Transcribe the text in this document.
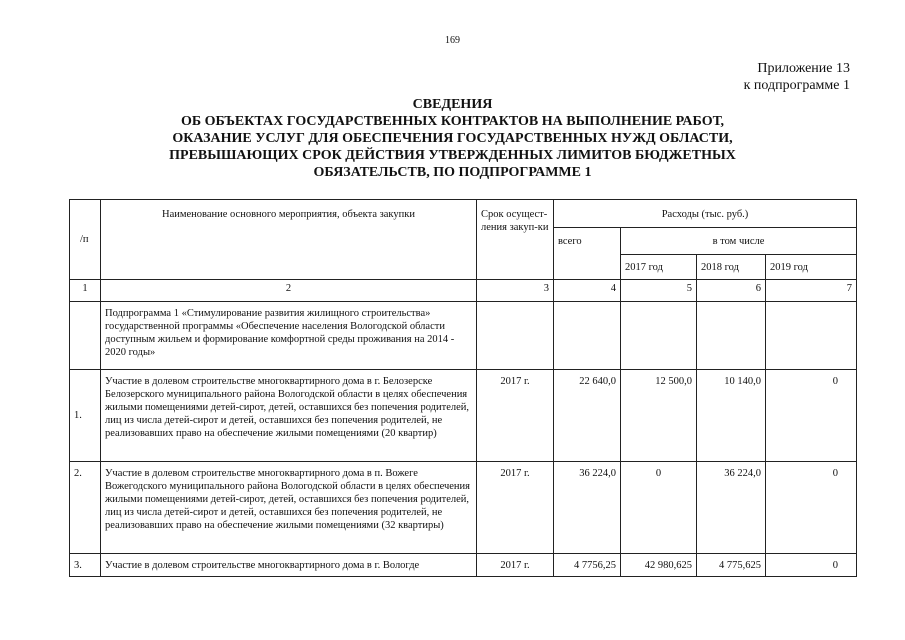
169
Приложение 13
к подпрограмме 1
СВЕДЕНИЯ
ОБ ОБЪЕКТАХ ГОСУДАРСТВЕННЫХ КОНТРАКТОВ НА ВЫПОЛНЕНИЕ РАБОТ,
ОКАЗАНИЕ УСЛУГ ДЛЯ ОБЕСПЕЧЕНИЯ ГОСУДАРСТВЕННЫХ НУЖД ОБЛАСТИ,
ПРЕВЫШАЮЩИХ СРОК ДЕЙСТВИЯ УТВЕРЖДЕННЫХ ЛИМИТОВ БЮДЖЕТНЫХ
ОБЯЗАТЕЛЬСТВ, ПО ПОДПРОГРАММЕ 1
/п	Наименование основного мероприятия, объекта закупки	Срок осущест-ления закуп-ки	Расходы (тыс. руб.)			
			всего	в том числе		
				2017 год	2018 год	2019 год
1	2	3	4	5	6	7
	Подпрограмма 1 «Стимулирование развития жилищного строительства» государственной программы «Обеспечение населения Вологодской области доступным жильем и формирование комфортной среды проживания на 2014 - 2020 годы»					
1.	Участие в долевом строительстве многоквартирного дома в г. Белозерске Белозерского муниципального района Вологодской области в целях обеспечения жилыми помещениями детей-сирот, детей, оставшихся без попечения родителей, лиц из числа детей-сирот и детей, оставшихся без попечения родителей, не реализовавших право на обеспечение жилыми помещениями (20 квартир)	2017 г.	22 640,0	12 500,0	10 140,0	0
2.	Участие в долевом строительстве многоквартирного дома в п. Вожеге Вожегодского муниципального района Вологодской области в целях обеспечения жилыми помещениями детей-сирот, детей, оставшихся без попечения родителей, лиц из числа детей-сирот и детей, оставшихся без попечения родителей, не реализовавших право на обеспечение жилыми помещениями (32 квартиры)	2017 г.	36 224,0	0	36 224,0	0
3.	Участие в долевом строительстве многоквартирного дома в г. Вологде	2017 г.	4 7756,25	42 980,625	4 775,625	0
